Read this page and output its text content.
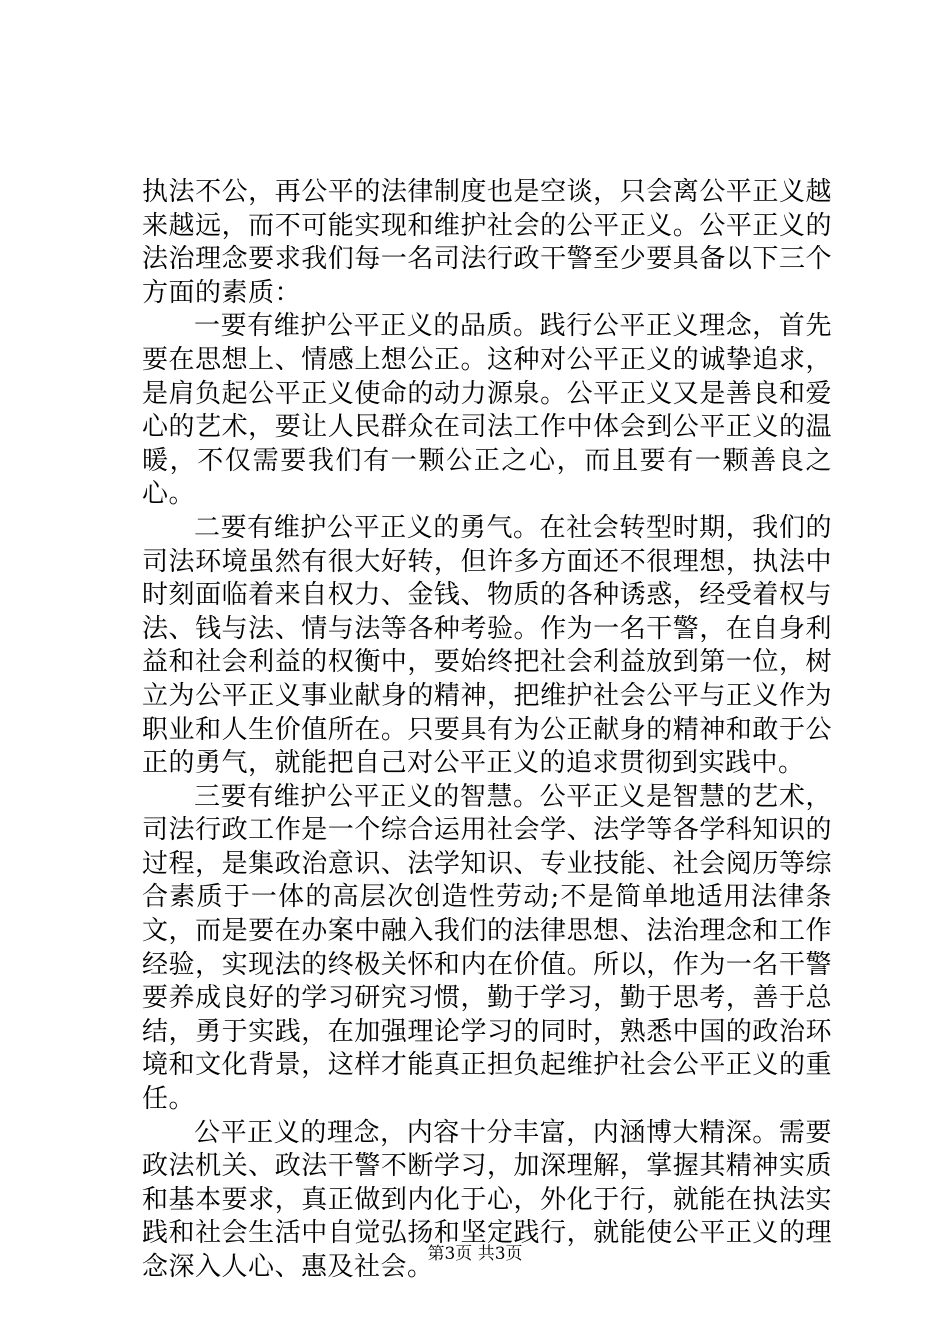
执法不公，再公平的法律制度也是空谈，只会离公平正义越来越远，而不可能实现和维护社会的公平正义。公平正义的法治理念要求我们每一名司法行政干警至少要具备以下三个方面的素质：

一要有维护公平正义的品质。践行公平正义理念，首先要在思想上、情感上想公正。这种对公平正义的诚挚追求，是肩负起公平正义使命的动力源泉。公平正义又是善良和爱心的艺术，要让人民群众在司法工作中体会到公平正义的温暖，不仅需要我们有一颗公正之心，而且要有一颗善良之心。

二要有维护公平正义的勇气。在社会转型时期，我们的司法环境虽然有很大好转，但许多方面还不很理想，执法中时刻面临着来自权力、金钱、物质的各种诱惑，经受着权与法、钱与法、情与法等各种考验。作为一名干警，在自身利益和社会利益的权衡中，要始终把社会利益放到第一位，树立为公平正义事业献身的精神，把维护社会公平与正义作为职业和人生价值所在。只要具有为公正献身的精神和敢于公正的勇气，就能把自己对公平正义的追求贯彻到实践中。

三要有维护公平正义的智慧。公平正义是智慧的艺术，司法行政工作是一个综合运用社会学、法学等各学科知识的过程，是集政治意识、法学知识、专业技能、社会阅历等综合素质于一体的高层次创造性劳动;不是简单地适用法律条文，而是要在办案中融入我们的法律思想、法治理念和工作经验，实现法的终极关怀和内在价值。所以，作为一名干警要养成良好的学习研究习惯，勤于学习，勤于思考，善于总结，勇于实践，在加强理论学习的同时，熟悉中国的政治环境和文化背景，这样才能真正担负起维护社会公平正义的重任。

公平正义的理念，内容十分丰富，内涵博大精深。需要政法机关、政法干警不断学习，加深理解，掌握其精神实质和基本要求，真正做到内化于心，外化于行，就能在执法实践和社会生活中自觉弘扬和坚定践行，就能使公平正义的理念深入人心、惠及社会。

第3页 共3页
